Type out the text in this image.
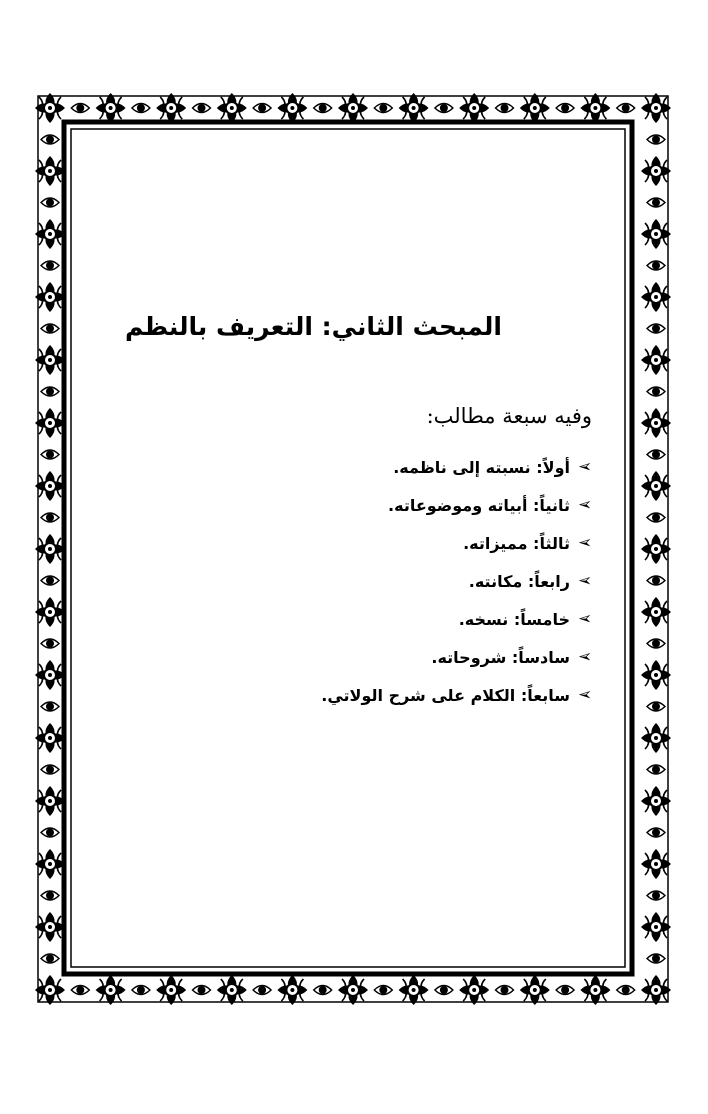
المبحث الثاني: التعريف بالنظم
وفيه سبعة مطالب:
➢
أولاً: نسبته إلى ناظمه.
➢
ثانياً: أبياته وموضوعاته.
➢
ثالثاً: مميزاته.
➢
رابعاً: مكانته.
➢
خامساً: نسخه.
➢
سادساً: شروحاته.
➢
سابعاً: الكلام على شرح الولاتي.
